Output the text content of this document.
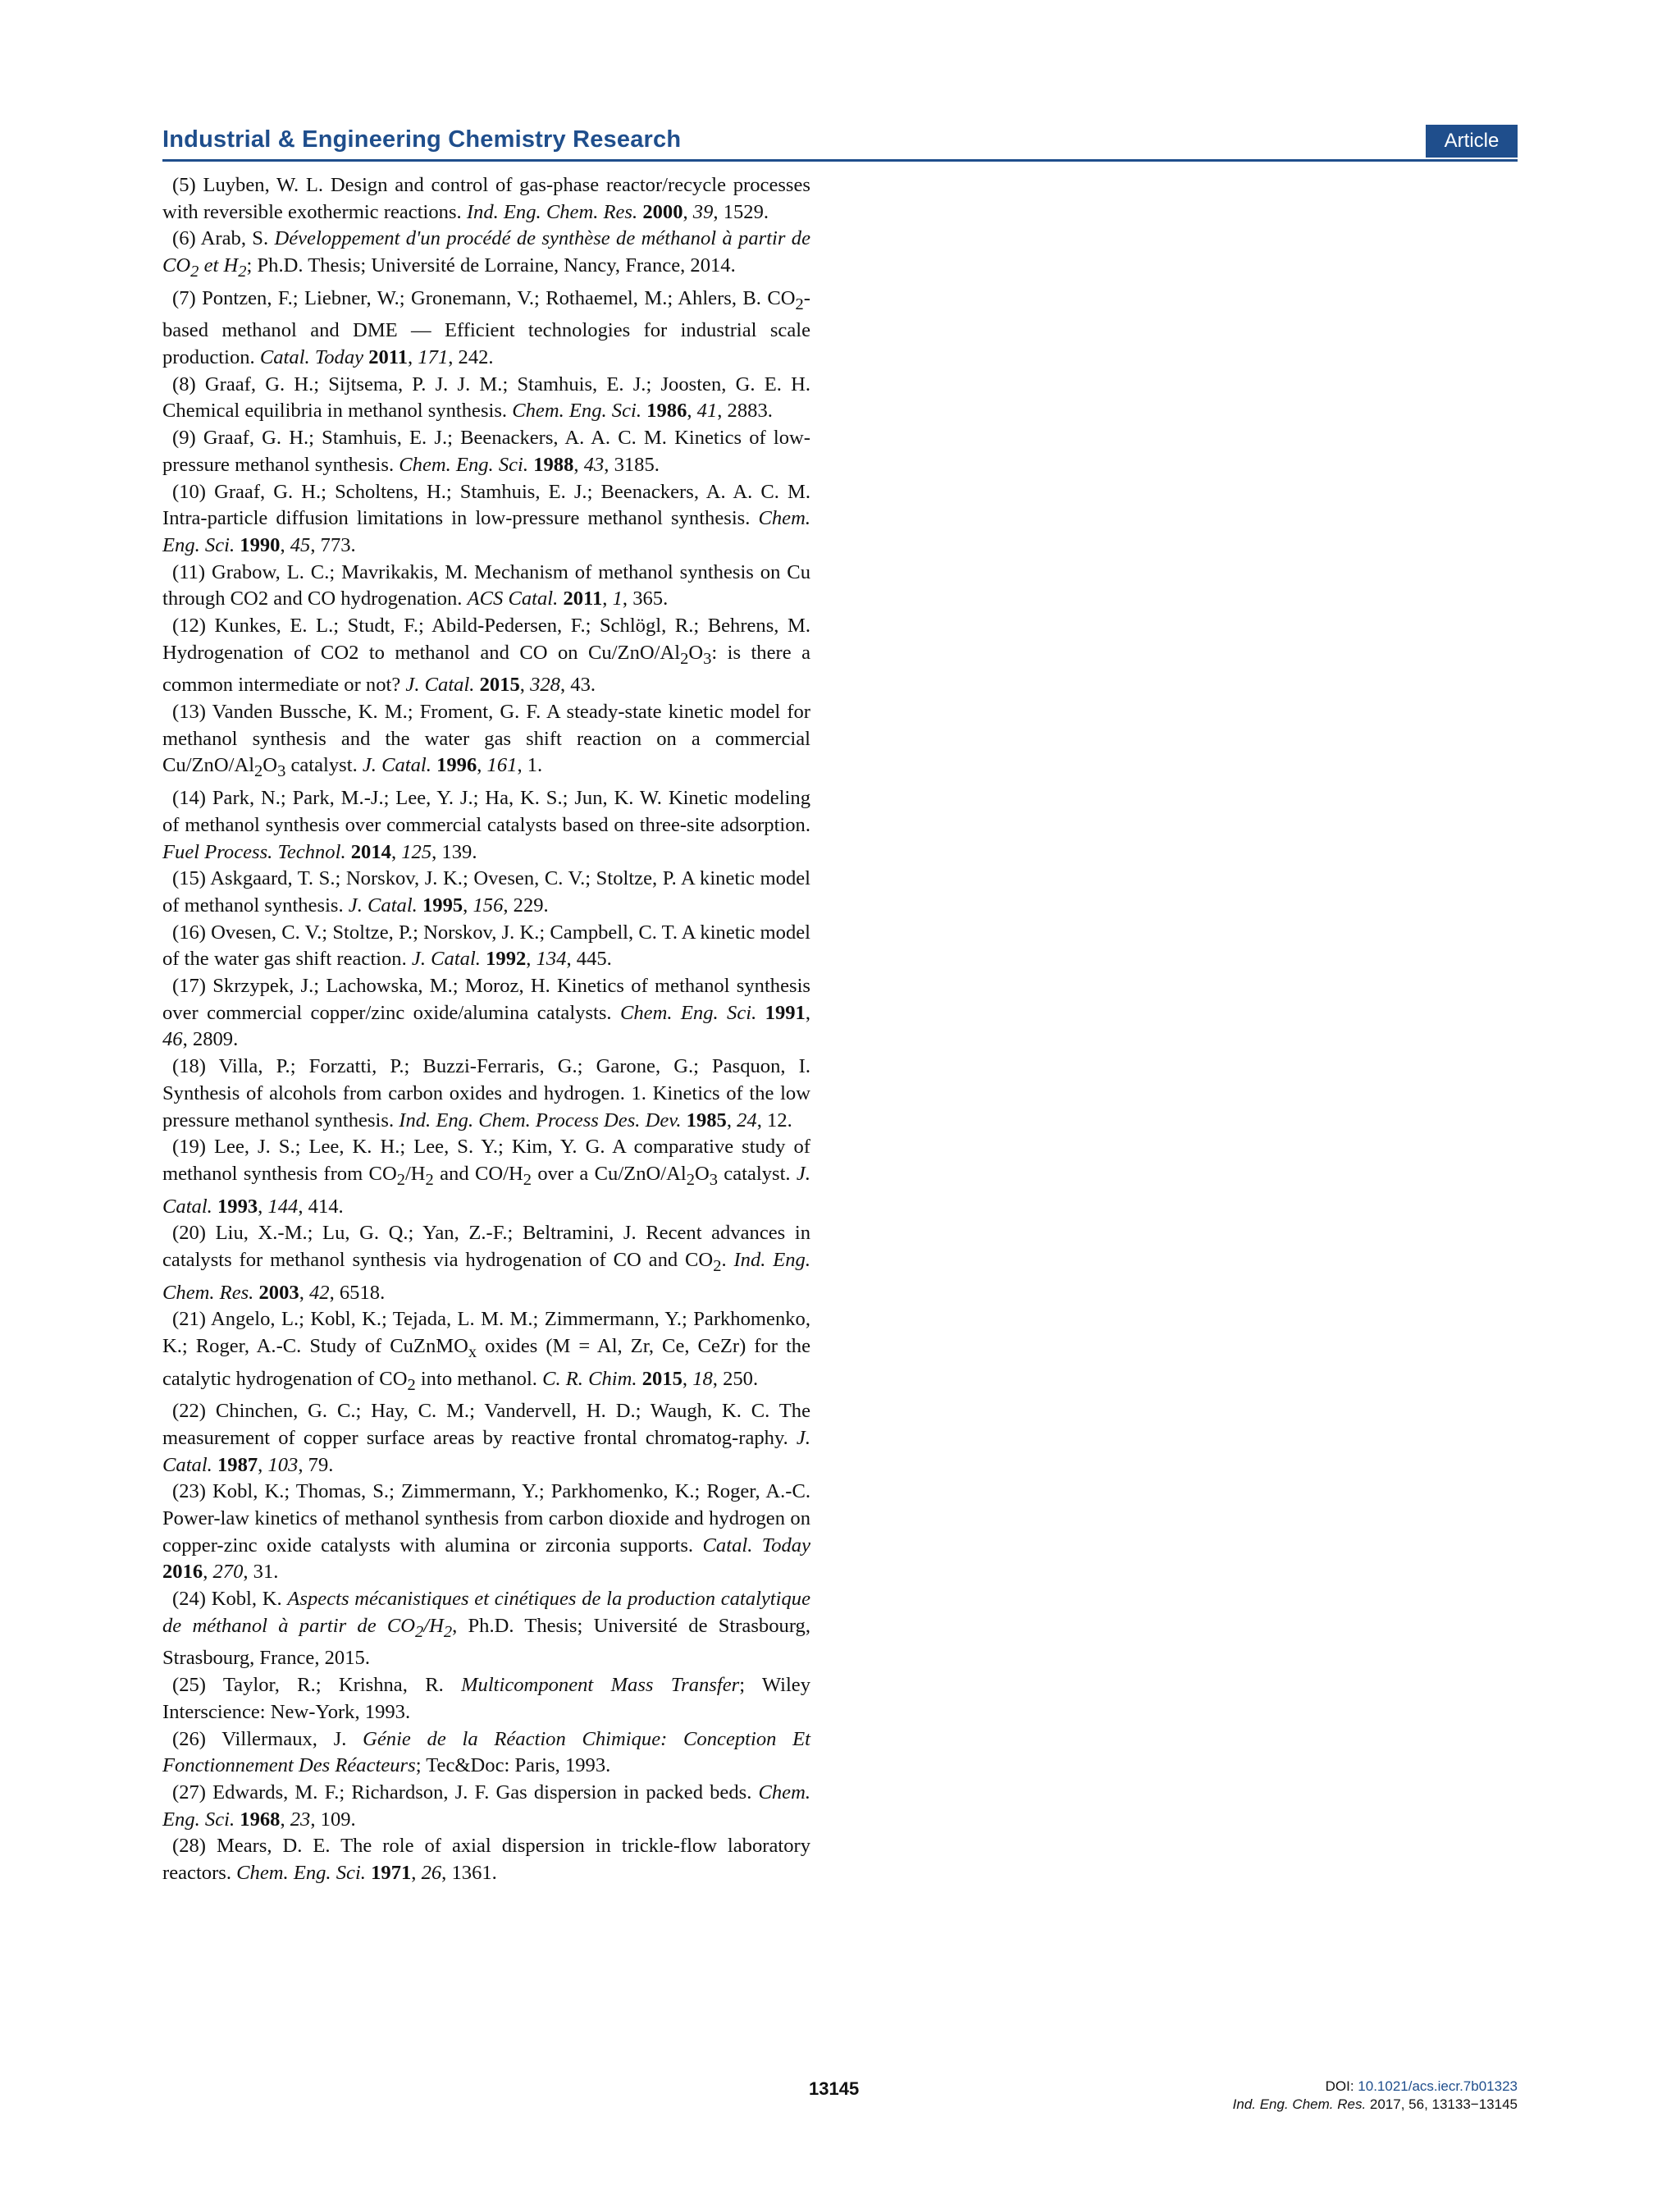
Industrial & Engineering Chemistry Research	Article

(5) Luyben, W. L. Design and control of gas-phase reactor/recycle processes with reversible exothermic reactions. Ind. Eng. Chem. Res. 2000, 39, 1529.

(6) Arab, S. Développement d'un procédé de synthèse de méthanol à partir de $CO_2$ et $H_2$; Ph.D. Thesis; Université de Lorraine, Nancy, France, 2014.

(7) Pontzen, F.; Liebner, W.; Gronemann, V.; Rothaemel, M.; Ahlers, B. $CO_2$-based methanol and DME — Efficient technologies for industrial scale production. Catal. Today 2011, 171, 242.

(8) Graaf, G. H.; Sijtsema, P. J. J. M.; Stamhuis, E. J.; Joosten, G. E. H. Chemical equilibria in methanol synthesis. Chem. Eng. Sci. 1986, 41, 2883.

(9) Graaf, G. H.; Stamhuis, E. J.; Beenackers, A. A. C. M. Kinetics of low-pressure methanol synthesis. Chem. Eng. Sci. 1988, 43, 3185.

(10) Graaf, G. H.; Scholtens, H.; Stamhuis, E. J.; Beenackers, A. A. C. M. Intra-particle diffusion limitations in low-pressure methanol synthesis. Chem. Eng. Sci. 1990, 45, 773.

(11) Grabow, L. C.; Mavrikakis, M. Mechanism of methanol synthesis on Cu through CO2 and CO hydrogenation. ACS Catal. 2011, 1, 365.

(12) Kunkes, E. L.; Studt, F.; Abild-Pedersen, F.; Schlögl, R.; Behrens, M. Hydrogenation of CO2 to methanol and CO on $Cu/ZnO/Al_2O_3$: is there a common intermediate or not? J. Catal. 2015, 328, 43.

(13) Vanden Bussche, K. M.; Froment, G. F. A steady-state kinetic model for methanol synthesis and the water gas shift reaction on a commercial $Cu/ZnO/Al_2O_3$ catalyst. J. Catal. 1996, 161, 1.

(14) Park, N.; Park, M.-J.; Lee, Y. J.; Ha, K. S.; Jun, K. W. Kinetic modeling of methanol synthesis over commercial catalysts based on three-site adsorption. Fuel Process. Technol. 2014, 125, 139.

(15) Askgaard, T. S.; Norskov, J. K.; Ovesen, C. V.; Stoltze, P. A kinetic model of methanol synthesis. J. Catal. 1995, 156, 229.

(16) Ovesen, C. V.; Stoltze, P.; Norskov, J. K.; Campbell, C. T. A kinetic model of the water gas shift reaction. J. Catal. 1992, 134, 445.

(17) Skrzypek, J.; Lachowska, M.; Moroz, H. Kinetics of methanol synthesis over commercial copper/zinc oxide/alumina catalysts. Chem. Eng. Sci. 1991, 46, 2809.

(18) Villa, P.; Forzatti, P.; Buzzi-Ferraris, G.; Garone, G.; Pasquon, I. Synthesis of alcohols from carbon oxides and hydrogen. 1. Kinetics of the low pressure methanol synthesis. Ind. Eng. Chem. Process Des. Dev. 1985, 24, 12.

(19) Lee, J. S.; Lee, K. H.; Lee, S. Y.; Kim, Y. G. A comparative study of methanol synthesis from $CO_2/H_2$ and $CO/H_2$ over a $Cu/ZnO/Al_2O_3$ catalyst. J. Catal. 1993, 144, 414.

(20) Liu, X.-M.; Lu, G. Q.; Yan, Z.-F.; Beltramini, J. Recent advances in catalysts for methanol synthesis via hydrogenation of CO and $CO_2$. Ind. Eng. Chem. Res. 2003, 42, 6518.

(21) Angelo, L.; Kobl, K.; Tejada, L. M. M.; Zimmermann, Y.; Parkhomenko, K.; Roger, A.-C. Study of CuZnMO$_x$ oxides (M = Al, Zr, Ce, CeZr) for the catalytic hydrogenation of $CO_2$ into methanol. C. R. Chim. 2015, 18, 250.

(22) Chinchen, G. C.; Hay, C. M.; Vandervell, H. D.; Waugh, K. C. The measurement of copper surface areas by reactive frontal chromatog-raphy. J. Catal. 1987, 103, 79.

(23) Kobl, K.; Thomas, S.; Zimmermann, Y.; Parkhomenko, K.; Roger, A.-C. Power-law kinetics of methanol synthesis from carbon dioxide and hydrogen on copper-zinc oxide catalysts with alumina or zirconia supports. Catal. Today 2016, 270, 31.

(24) Kobl, K. Aspects mécanistiques et cinétiques de la production catalytique de méthanol à partir de $CO_2/H_2$, Ph.D. Thesis; Université de Strasbourg, Strasbourg, France, 2015.

(25) Taylor, R.; Krishna, R. Multicomponent Mass Transfer; Wiley Interscience: New-York, 1993.

(26) Villermaux, J. Génie de la Réaction Chimique: Conception Et Fonctionnement Des Réacteurs; Tec&Doc: Paris, 1993.

(27) Edwards, M. F.; Richardson, J. F. Gas dispersion in packed beds. Chem. Eng. Sci. 1968, 23, 109.

(28) Mears, D. E. The role of axial dispersion in trickle-flow laboratory reactors. Chem. Eng. Sci. 1971, 26, 1361.

13145	DOI: 10.1021/acs.iecr.7b01323
Ind. Eng. Chem. Res. 2017, 56, 13133−13145
